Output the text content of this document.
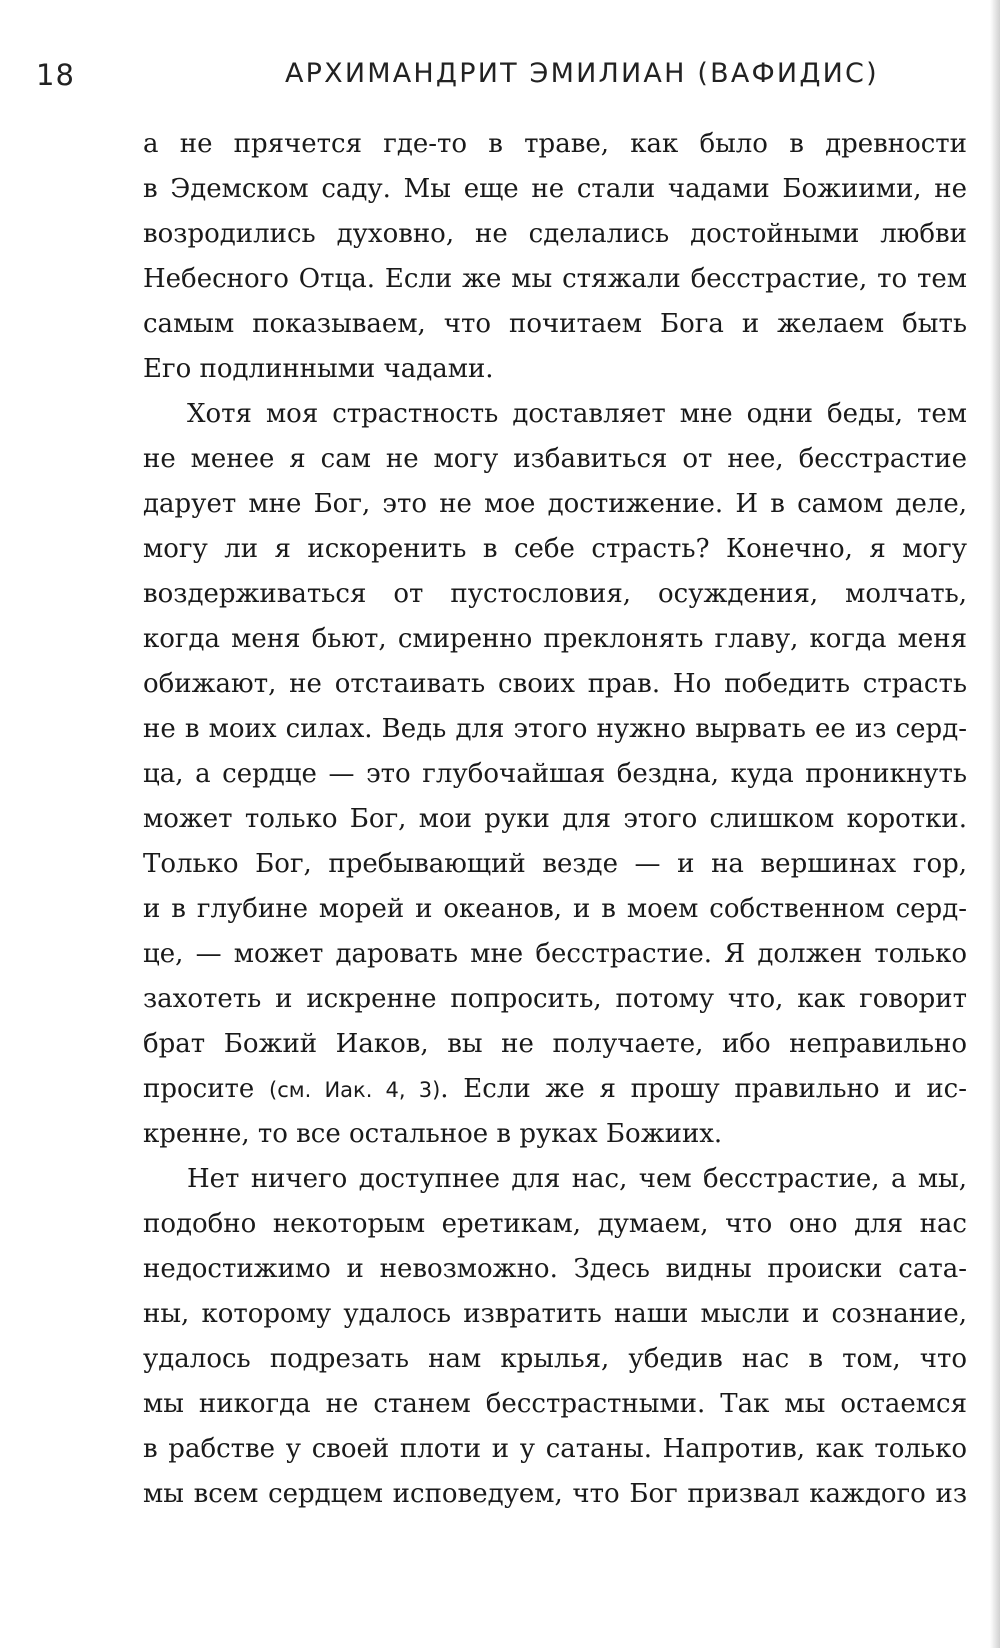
18	АРХИМАНДРИТ ЭМИЛИАН (ВАФИДИС)
а не прячется где-то в траве, как было в древности
в Эдемском саду. Мы еще не стали чадами Божиими, не
возродились духовно, не сделались достойными любви
Небесного Отца. Если же мы стяжали бесстрастие, то тем
самым показываем, что почитаем Бога и желаем быть
Его подлинными чадами.
Хотя моя страстность доставляет мне одни беды, тем
не менее я сам не могу избавиться от нее, бесстрастие
дарует мне Бог, это не мое достижение. И в самом деле,
могу ли я искоренить в себе страсть? Конечно, я могу
воздерживаться от пустословия, осуждения, молчать,
когда меня бьют, смиренно преклонять главу, когда меня
обижают, не отстаивать своих прав. Но победить страсть
не в моих силах. Ведь для этого нужно вырвать ее из серд-
ца, а сердце — это глубочайшая бездна, куда проникнуть
может только Бог, мои руки для этого слишком коротки.
Только Бог, пребывающий везде — и на вершинах гор,
и в глубине морей и океанов, и в моем собственном серд-
це, — может даровать мне бесстрастие. Я должен только
захотеть и искренне попросить, потому что, как говорит
брат Божий Иаков, вы не получаете, ибо неправильно
просите (см. Иак. 4, 3). Если же я прошу правильно и ис-
кренне, то все остальное в руках Божиих.
Нет ничего доступнее для нас, чем бесстрастие, а мы,
подобно некоторым еретикам, думаем, что оно для нас
недостижимо и невозможно. Здесь видны происки сата-
ны, которому удалось извратить наши мысли и сознание,
удалось подрезать нам крылья, убедив нас в том, что
мы никогда не станем бесстрастными. Так мы остаемся
в рабстве у своей плоти и у сатаны. Напротив, как только
мы всем сердцем исповедуем, что Бог призвал каждого из
